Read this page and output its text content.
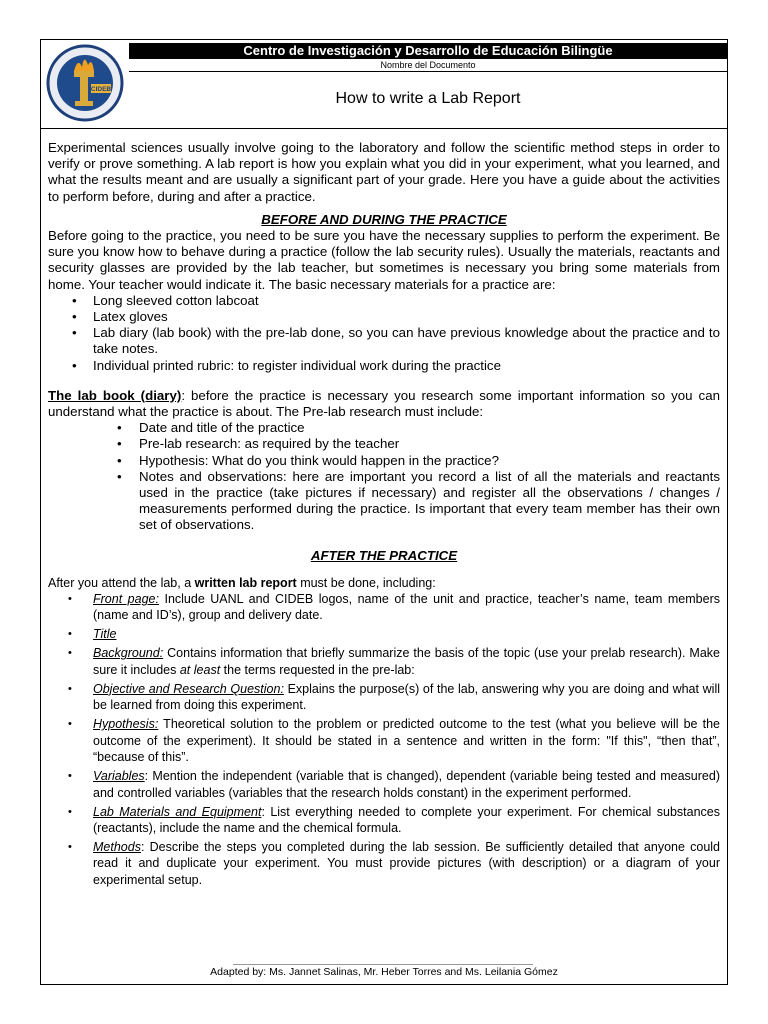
CIDEB
Centro de Investigación y Desarrollo de Educación Bilingüe
Nombre del Documento
How to write a Lab Report

Experimental sciences usually involve going to the laboratory and follow the scientific method steps in order to verify or prove something. A lab report is how you explain what you did in your experiment, what you learned, and what the results meant and are usually a significant part of your grade. Here you have a guide about the activities to perform before, during and after a practice.

BEFORE AND DURING THE PRACTICE

Before going to the practice, you need to be sure you have the necessary supplies to perform the experiment. Be sure you know how to behave during a practice (follow the lab security rules). Usually the materials, reactants and security glasses are provided by the lab teacher, but sometimes is necessary you bring some materials from home. Your teacher would indicate it. The basic necessary materials for a practice are:

• Long sleeved cotton labcoat
• Latex gloves
• Lab diary (lab book) with the pre-lab done, so you can have previous knowledge about the practice and to take notes.
• Individual printed rubric: to register individual work during the practice

The lab book (diary): before the practice is necessary you research some important information so you can understand what the practice is about. The Pre-lab research must include:

• Date and title of the practice
• Pre-lab research: as required by the teacher
• Hypothesis: What do you think would happen in the practice?
• Notes and observations: here are important you record a list of all the materials and reactants used in the practice (take pictures if necessary) and register all the observations / changes / measurements performed during the practice. Is important that every team member has their own set of observations.
AFTER THE PRACTICE

After you attend the lab, a written lab report must be done, including:

• Front page: Include UANL and CIDEB logos, name of the unit and practice, teacher’s name, team members (name and ID’s), group and delivery date.
• Title
• Background: Contains information that briefly summarize the basis of the topic (use your prelab research). Make sure it includes at least the terms requested in the pre-lab:
• Objective and Research Question: Explains the purpose(s) of the lab, answering why you are doing and what will be learned from doing this experiment.
• Hypothesis: Theoretical solution to the problem or predicted outcome to the test (what you believe will be the outcome of the experiment). It should be stated in a sentence and written in the form: "If this", “then that”, “because of this”.
• Variables: Mention the independent (variable that is changed), dependent (variable being tested and measured) and controlled variables (variables that the research holds constant) in the experiment performed.
• Lab Materials and Equipment: List everything needed to complete your experiment. For chemical substances (reactants), include the name and the chemical formula.
• Methods: Describe the steps you completed during the lab session. Be sufficiently detailed that anyone could read it and duplicate your experiment. You must provide pictures (with description) or a diagram of your experimental setup.
Adapted by: Ms. Jannet Salinas, Mr. Heber Torres and Ms. Leilania Gómez
